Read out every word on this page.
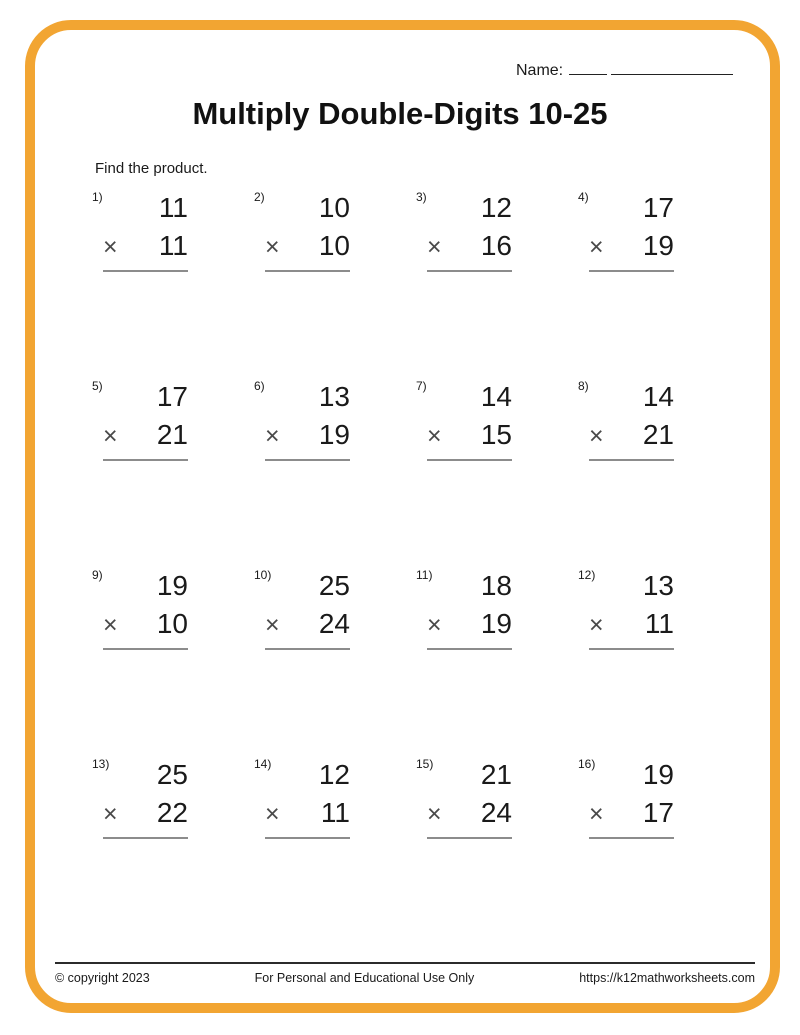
Name:
Multiply Double-Digits 10-25
Find the product.
1)	11
× 11
2)	10
× 10
3)	12
× 16
4)	17
× 19
5)	17
× 21
6)	13
× 19
7)	14
× 15
8)	14
× 21
9)	19
× 10
10)	25
× 24
11)	18
× 19
12)	13
× 11
13)	25
× 22
14)	12
× 11
15)	21
× 24
16)	19
× 17
© copyright 2023	For Personal and Educational Use Only	https://k12mathworksheets.com
